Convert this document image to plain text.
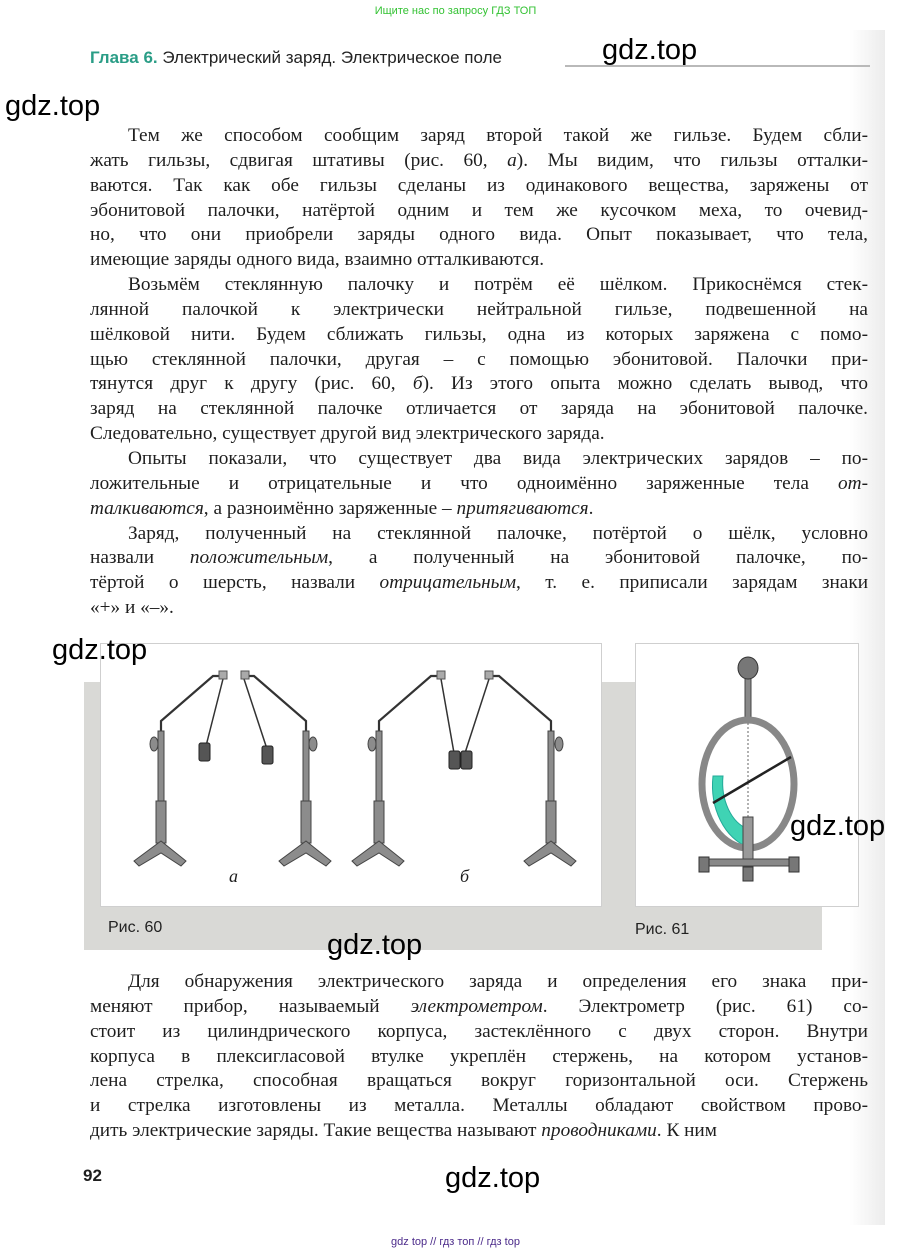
Ищите нас по запросу ГДЗ ТОП
Глава 6. Электрический заряд. Электрическое поле
Тем же способом сообщим заряд второй такой же гильзе. Будем сбли-
жать гильзы, сдвигая штативы (рис. 60, а). Мы видим, что гильзы отталки-
ваются. Так как обе гильзы сделаны из одинакового вещества, заряжены от
эбонитовой палочки, натёртой одним и тем же кусочком меха, то очевид-
но, что они приобрели заряды одного вида. Опыт показывает, что тела,
имеющие заряды одного вида, взаимно отталкиваются.
Возьмём стеклянную палочку и потрём её шёлком. Прикоснёмся стек-
лянной палочкой к электрически нейтральной гильзе, подвешенной на
шёлковой нити. Будем сближать гильзы, одна из которых заряжена с помо-
щью стеклянной палочки, другая – с помощью эбонитовой. Палочки при-
тянутся друг к другу (рис. 60, б). Из этого опыта можно сделать вывод, что
заряд на стеклянной палочке отличается от заряда на эбонитовой палочке.
Следовательно, существует другой вид электрического заряда.
Опыты показали, что существует два вида электрических зарядов – по-
ложительные и отрицательные и что одноимённо заряженные тела от-
талкиваются, а разноимённо заряженные – притягиваются.
Заряд, полученный на стеклянной палочке, потёртой о шёлк, условно
назвали положительным, а полученный на эбонитовой палочке, по-
тёртой о шерсть, назвали отрицательным, т. е. приписали зарядам знаки
«+» и «–».
а	б
Рис. 60	Рис. 61
Для обнаружения электрического заряда и определения его знака при-
меняют прибор, называемый электрометром. Электрометр (рис. 61) со-
стоит из цилиндрического корпуса, застеклённого с двух сторон. Внутри
корпуса в плексигласовой втулке укреплён стержень, на котором установ-
лена стрелка, способная вращаться вокруг горизонтальной оси. Стержень
и стрелка изготовлены из металла. Металлы обладают свойством прово-
дить электрические заряды. Такие вещества называют проводниками. К ним
92
gdz.top
gdz.top
gdz.top
gdz.top
gdz.top
gdz.top
gdz top // гдз топ // гдз top
